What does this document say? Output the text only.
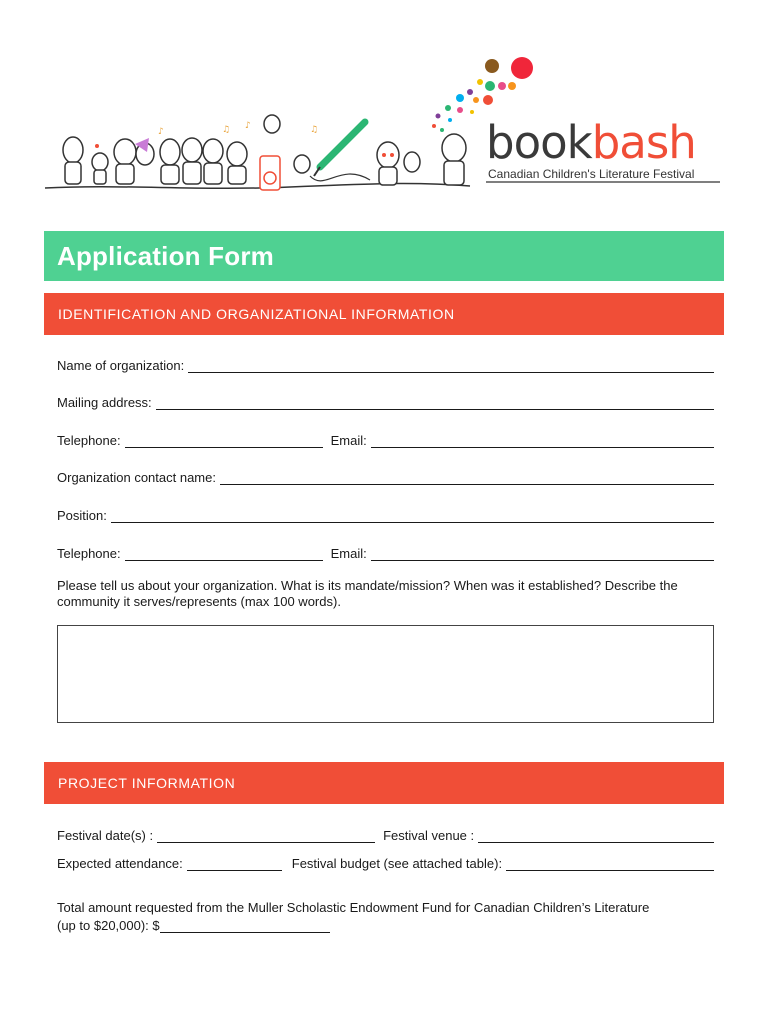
♪	♫ ♪	♫	bookbash
Canadian Children's Literature Festival
Application Form
IDENTIFICATION AND ORGANIZATIONAL INFORMATION
Name of organization:
Mailing address:
Telephone:	Email:
Organization contact name:
Position:
Telephone:	Email:
Please tell us about your organization. What is its mandate/mission? When was it established? Describe the community it serves/represents (max 100 words).
PROJECT INFORMATION
Festival date(s) :	Festival venue :
Expected attendance:	Festival budget (see attached table):
Total amount requested from the Muller Scholastic Endowment Fund for Canadian Children’s Literature
(up to $20,000): $
